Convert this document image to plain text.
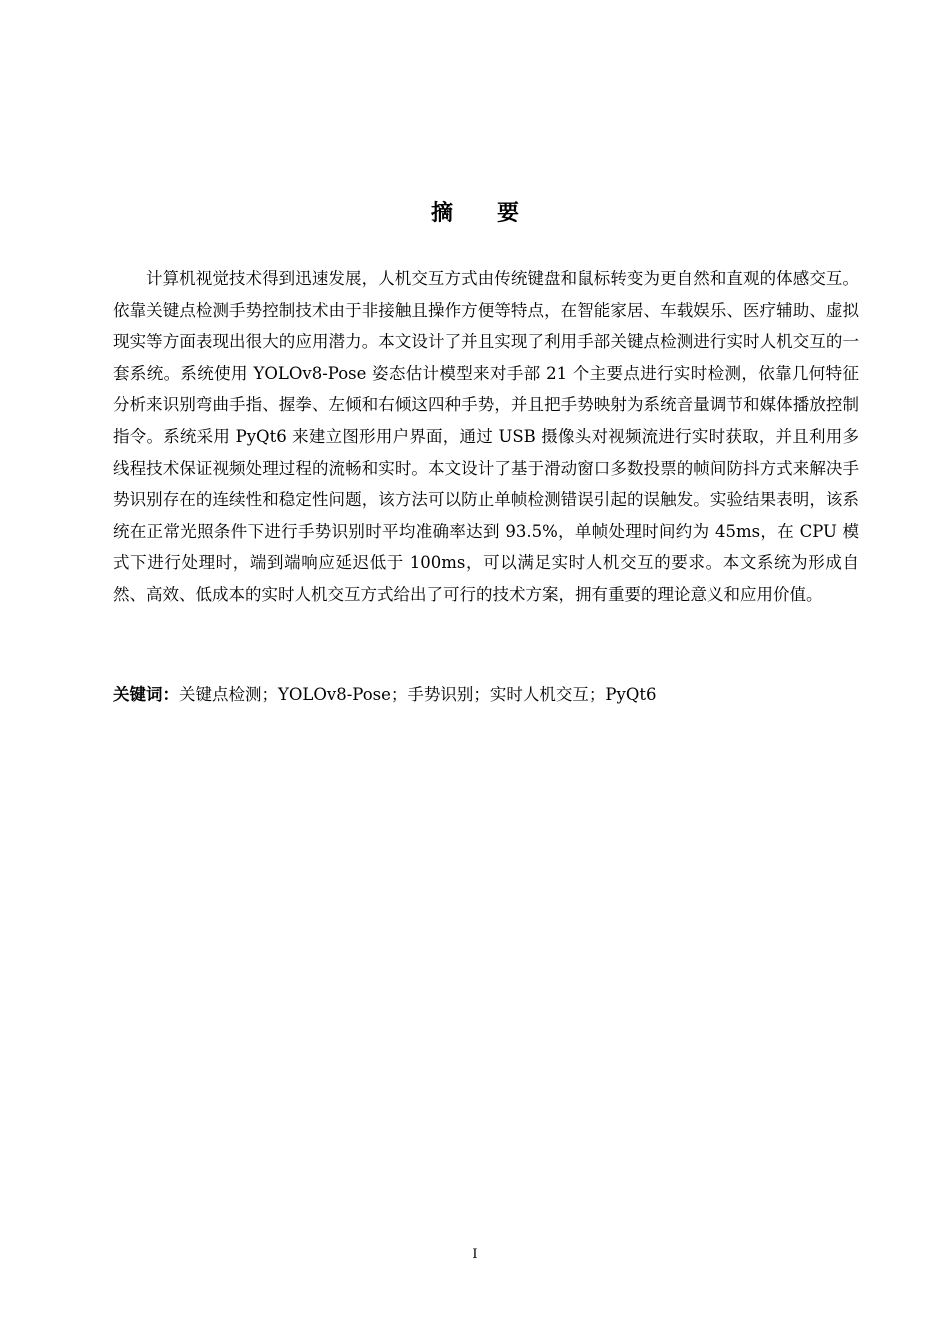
摘要
计算机视觉技术得到迅速发展，人机交互方式由传统键盘和鼠标转变为更自然和直观的体感交互。依靠关键点检测手势控制技术由于非接触且操作方便等特点，在智能家居、车载娱乐、医疗辅助、虚拟现实等方面表现出很大的应用潜力。本文设计了并且实现了利用手部关键点检测进行实时人机交互的一套系统。系统使用 YOLOv8-Pose 姿态估计模型来对手部 21 个主要点进行实时检测，依靠几何特征分析来识别弯曲手指、握拳、左倾和右倾这四种手势，并且把手势映射为系统音量调节和媒体播放控制指令。系统采用 PyQt6 来建立图形用户界面，通过 USB 摄像头对视频流进行实时获取，并且利用多线程技术保证视频处理过程的流畅和实时。本文设计了基于滑动窗口多数投票的帧间防抖方式来解决手势识别存在的连续性和稳定性问题，该方法可以防止单帧检测错误引起的误触发。实验结果表明，该系统在正常光照条件下进行手势识别时平均准确率达到 93.5%，单帧处理时间约为 45ms，在 CPU 模式下进行处理时，端到端响应延迟低于 100ms，可以满足实时人机交互的要求。本文系统为形成自然、高效、低成本的实时人机交互方式给出了可行的技术方案，拥有重要的理论意义和应用价值。
关键词：关键点检测；YOLOv8-Pose；手势识别；实时人机交互；PyQt6
I
